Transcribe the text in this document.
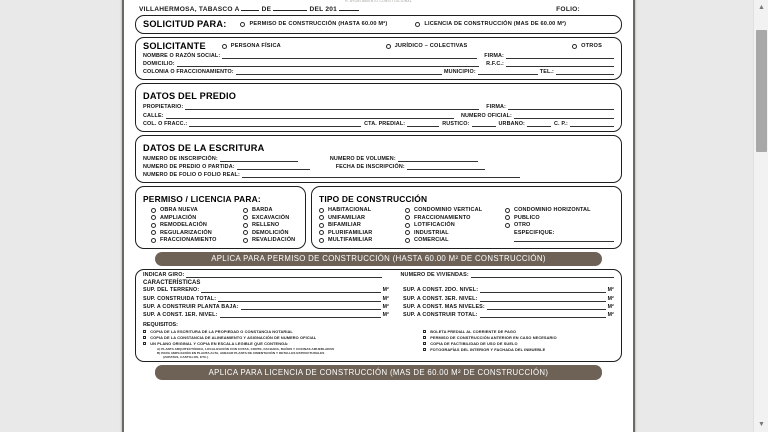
H. AYUNTAMIENTO CONSTITUCIONAL
VILLAHERMOSA, TABASCO A	DE	DEL 201	FOLIO:
SOLICITUD PARA:	PERMISO DE CONSTRUCCIÓN (HASTA 60.00 M²)	LICENCIA DE CONSTRUCCIÓN (MAS DE 60.00 M²)
SOLICITANTE	PERSONA FÍSICA	JURÍDICO – COLECTIVAS	OTROS
NOMBRE O RAZÓN SOCIAL:	FIRMA:
DOMICILIO:	R.F.C.:
COLONIA O FRACCIONAMIENTO:	MUNICIPIO:	TEL.:
DATOS DEL PREDIO
PROPIETARIO:	FIRMA:
CALLE:	NUMERO OFICIAL:
COL. O FRACC.:	CTA. PREDIAL:	RUSTICO:	URBANO:	C. P.:
DATOS DE LA ESCRITURA
NUMERO DE INSCRIPCIÓN:	NUMERO DE VOLUMEN:
NUMERO DE PREDIO O PARTIDA:	FECHA DE INSCRIPCIÓN:
NUMERO DE FOLIO O FOLIO REAL:
PERMISO / LICENCIA PARA:
OBRA NUEVA
AMPLIACIÓN
REMODELACIÓN
REGULARIZACIÓN
FRACCIONAMIENTO
BARDA
EXCAVACIÓN
RELLENO
DEMOLICIÓN
REVALIDACIÓN
TIPO DE CONSTRUCCIÓN
HABITACIONAL
UNIFAMILIAR
BIFAMILIAR
PLURIFAMILIAR
MULTIFAMILIAR
CONDOMINIO VERTICAL
FRACCIONAMIENTO
LOTIFICACIÓN
INDUSTRIAL
COMERCIAL
CONDOMINIO HORIZONTAL
PUBLICO
OTRO
ESPECIFIQUE:
APLICA PARA PERMISO DE CONSTRUCCIÓN (HASTA 60.00 M² DE CONSTRUCCIÓN)
INDICAR GIRO:	NUMERO DE VIVIENDAS:
CARACTERÍSTICAS
SUP. DEL TERRENO:	M²
SUP. CONSTRUIDA TOTAL:	M²
SUP. A CONSTRUIR PLANTA BAJA:	M²
SUP. A CONST. 1ER. NIVEL:	M²
SUP. A CONST. 2DO. NIVEL:	M²
SUP. A CONST. 3ER. NIVEL:	M²
SUP. A CONST. MAS NIVELES:	M²
SUP. A CONSTRUIR TOTAL:	M²
REQUISITOS:
COPIA DE LA ESCRITURA DE LA PROPIEDAD O CONSTANCIA NOTARIAL
COPIA DE LA CONSTANCIA DE ALINEAMIENTO Y ASIGNACIÓN DE NUMERO OFICIAL
UN PLANO ORIGINAL Y COPIA EN ESCALA LEGIBLE QUE CONTENGA:
A) PLANTA ARQUITECTÓNICA, LOCALIZACIÓN CON COTAS, CORTE, FACHADA, BAÑOS Y COCINAS AMUEBLADOS
B) PARA AMPLIACIÓN EN PLANTA ALTA, ANEXAR PLANTA DE CIMENTACIÓN Y DETALLES ESTRUCTURALES
(ZAPATAS, CASTILLOS, ETC.)
BOLETA PREDIAL AL CORRIENTE DE PAGO
PERMISO DE CONSTRUCCIÓN ANTERIOR EN CASO NECESARIO
COPIA DE FACTIBILIDAD DE USO DE SUELO
FOTOGRAFÍAS DEL INTERIOR Y FACHADA DEL INMUEBLE
APLICA PARA LICENCIA DE CONSTRUCCIÓN (MAS DE 60.00 M² DE CONSTRUCCIÓN)
▲
▼
